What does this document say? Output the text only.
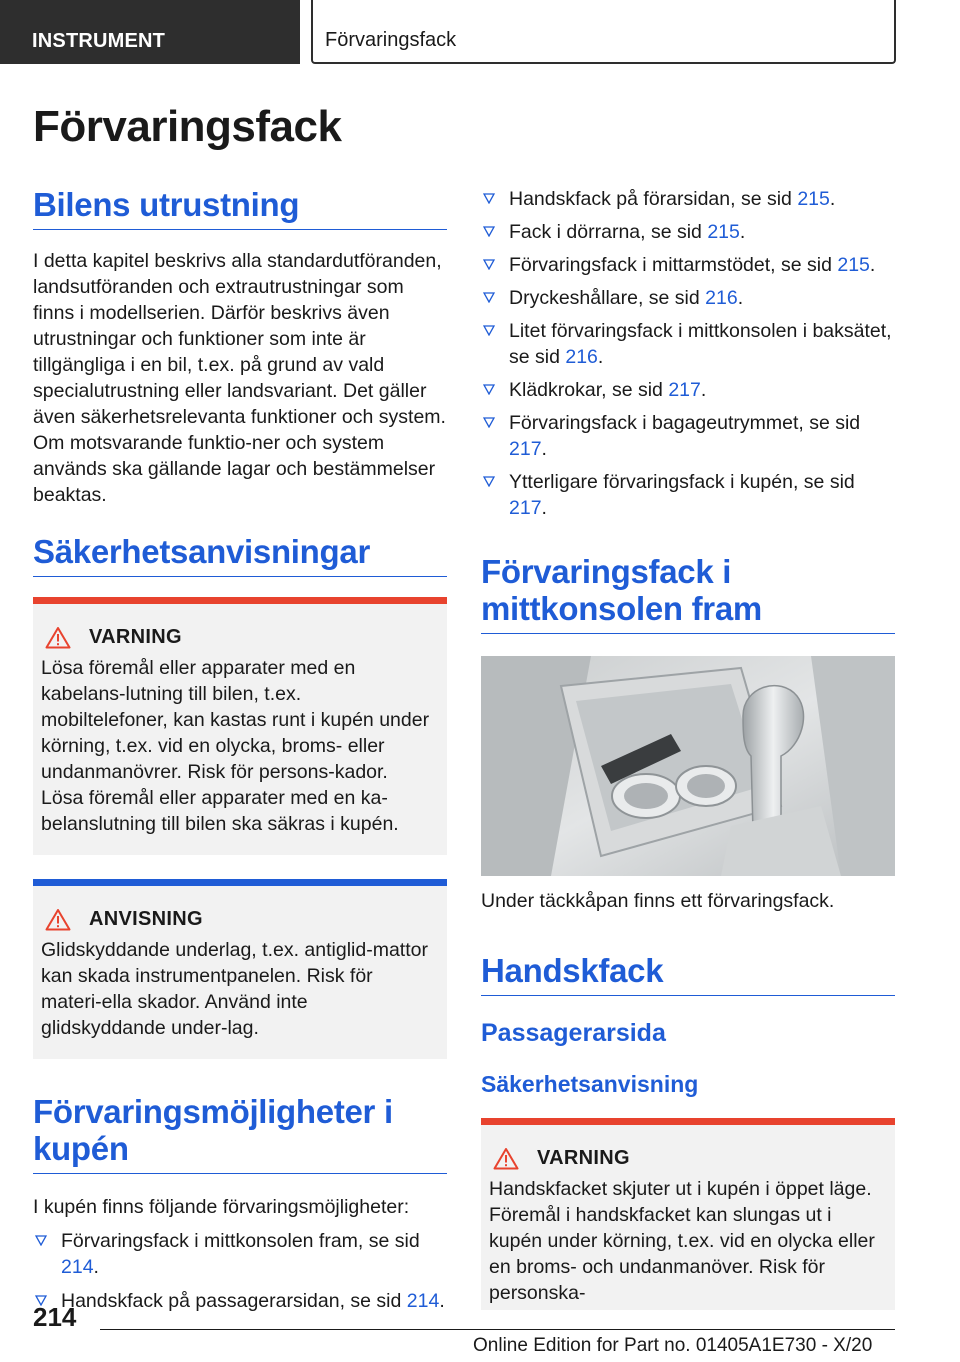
INSTRUMENT	Förvaringsfack
Förvaringsfack
Bilens utrustning
I detta kapitel beskrivs alla standardutföranden, landsutföranden och extrautrustningar som finns i modellserien. Därför beskrivs även utrustningar och funktioner som inte är tillgängliga i en bil, t.ex. på grund av vald specialutrustning eller landsvariant. Det gäller även säkerhetsrelevanta funktioner och system. Om motsvarande funktio‐ner och system används ska gällande lagar och bestämmelser beaktas.
Säkerhetsanvisningar
VARNING
Lösa föremål eller apparater med en kabelans‐lutning till bilen, t.ex. mobiltelefoner, kan kastas runt i kupén under körning, t.ex. vid en olycka, broms- eller undanmanövrer. Risk för persons‐kador. Lösa föremål eller apparater med en ka‐belanslutning till bilen ska säkras i kupén.
ANVISNING
Glidskyddande underlag, t.ex. antiglid-mattor kan skada instrumentpanelen. Risk för materi‐ella skador. Använd inte glidskyddande under‐lag.
Förvaringsmöjligheter i kupén
I kupén finns följande förvaringsmöjligheter:
Förvaringsfack i mittkonsolen fram, se sid 214.
Handskfack på passagerarsidan, se sid 214.
Handskfack på förarsidan, se sid 215.
Fack i dörrarna, se sid 215.
Förvaringsfack i mittarmstödet, se sid 215.
Dryckeshållare, se sid 216.
Litet förvaringsfack i mittkonsolen i baksätet, se sid 216.
Klädkrokar, se sid 217.
Förvaringsfack i bagageutrymmet, se sid 217.
Ytterligare förvaringsfack i kupén, se sid 217.
Förvaringsfack i mittkonsolen fram
Under täckkåpan finns ett förvaringsfack.
Handskfack
Passagerarsida
Säkerhetsanvisning
VARNING
Handskfacket skjuter ut i kupén i öppet läge. Föremål i handskfacket kan slungas ut i kupén under körning, t.ex. vid en olycka eller en broms- och undanmanöver. Risk för personska‐
214
Online Edition for Part no. 01405A1E730 - X/20
